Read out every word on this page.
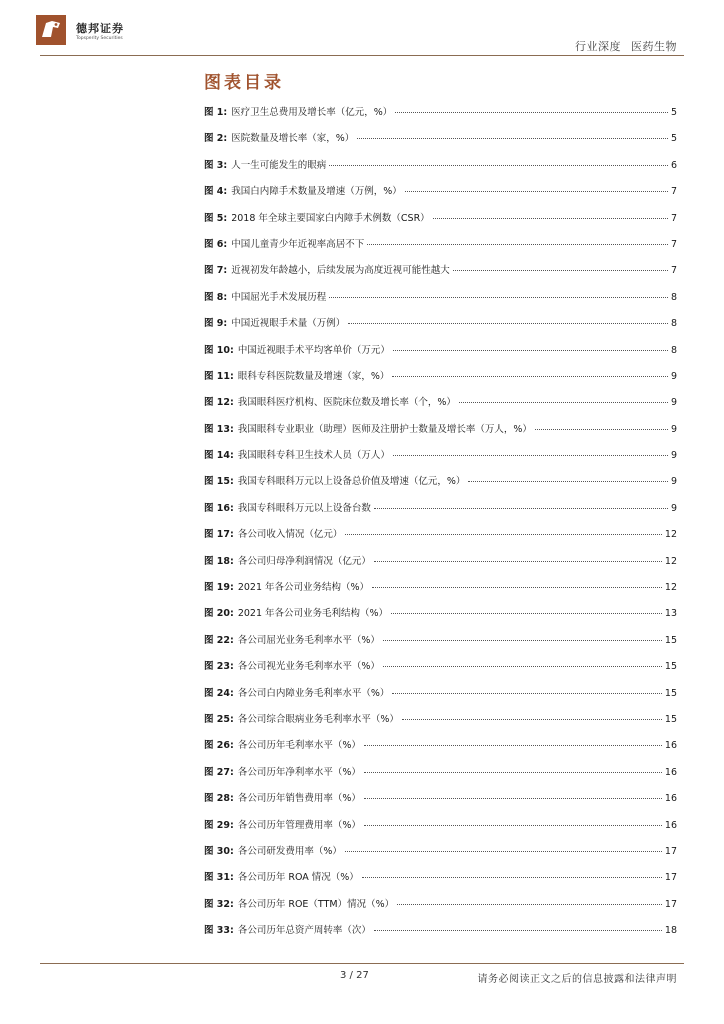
德邦证券
Topsperity Securities
行业深度 医药生物
图表目录
图 1: 医疗卫生总费用及增长率（亿元，%）	5
图 2: 医院数量及增长率（家，%）	5
图 3: 人一生可能发生的眼病	6
图 4: 我国白内障手术数量及增速（万例，%）	7
图 5: 2018 年全球主要国家白内障手术例数（CSR）	7
图 6: 中国儿童青少年近视率高居不下	7
图 7: 近视初发年龄越小，后续发展为高度近视可能性越大	7
图 8: 中国屈光手术发展历程	8
图 9: 中国近视眼手术量（万例）	8
图 10: 中国近视眼手术平均客单价（万元）	8
图 11: 眼科专科医院数量及增速（家，%）	9
图 12: 我国眼科医疗机构、医院床位数及增长率（个，%）	9
图 13: 我国眼科专业职业（助理）医师及注册护士数量及增长率（万人，%）	9
图 14: 我国眼科专科卫生技术人员（万人）	9
图 15: 我国专科眼科万元以上设备总价值及增速（亿元，%）	9
图 16: 我国专科眼科万元以上设备台数	9
图 17: 各公司收入情况（亿元）	12
图 18: 各公司归母净利润情况（亿元）	12
图 19: 2021 年各公司业务结构（%）	12
图 20: 2021 年各公司业务毛利结构（%）	13
图 22: 各公司屈光业务毛利率水平（%）	15
图 23: 各公司视光业务毛利率水平（%）	15
图 24: 各公司白内障业务毛利率水平（%）	15
图 25: 各公司综合眼病业务毛利率水平（%）	15
图 26: 各公司历年毛利率水平（%）	16
图 27: 各公司历年净利率水平（%）	16
图 28: 各公司历年销售费用率（%）	16
图 29: 各公司历年管理费用率（%）	16
图 30: 各公司研发费用率（%）	17
图 31: 各公司历年 ROA 情况（%）	17
图 32: 各公司历年 ROE（TTM）情况（%）	17
图 33: 各公司历年总资产周转率（次）	18
3 / 27	请务必阅读正文之后的信息披露和法律声明
